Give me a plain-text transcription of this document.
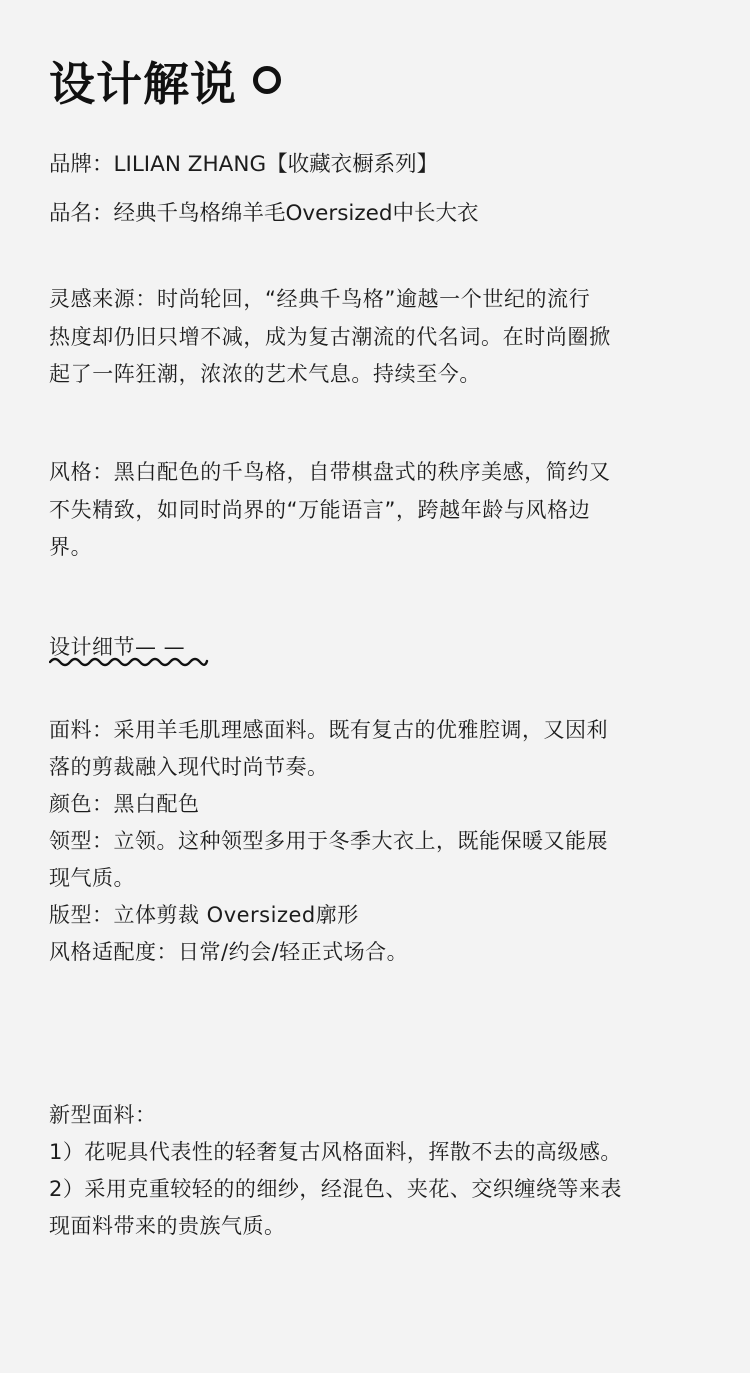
设计解说
品牌：LILIAN ZHANG【收藏衣橱系列】
品名：经典千鸟格绵羊毛Oversized中长大衣
灵感来源：时尚轮回，“经典千鸟格”逾越一个世纪的流行
热度却仍旧只增不减，成为复古潮流的代名词。在时尚圈掀
起了一阵狂潮，浓浓的艺术气息。持续至今。
风格：黑白配色的千鸟格，自带棋盘式的秩序美感，简约又
不失精致，如同时尚界的“万能语言”，跨越年龄与风格边
界。
设计细节— —
面料：采用羊毛肌理感面料。既有复古的优雅腔调，又因利
落的剪裁融入现代时尚节奏。
颜色：黑白配色
领型：立领。这种领型多用于冬季大衣上，既能保暖又能展
现气质。
版型：立体剪裁 Oversized廓形
风格适配度：日常/约会/轻正式场合。
新型面料：
1）花呢具代表性的轻奢复古风格面料，挥散不去的高级感。
2）采用克重较轻的的细纱，经混色、夹花、交织缠绕等来表
现面料带来的贵族气质。
